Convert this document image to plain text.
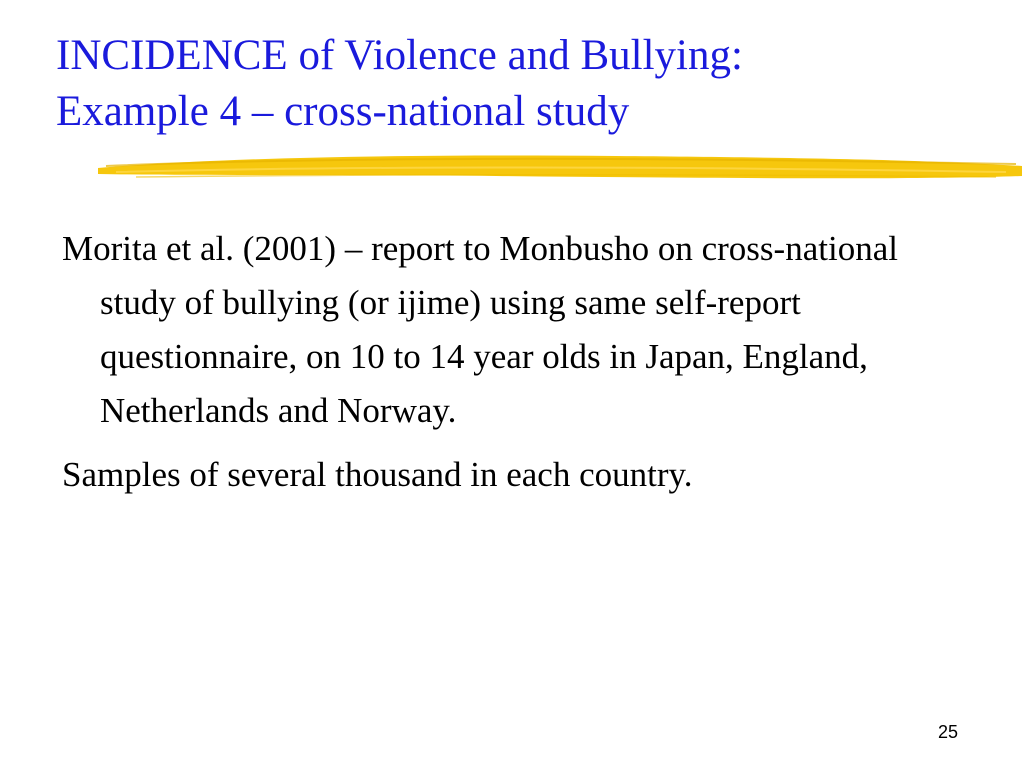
INCIDENCE of Violence and Bullying:
Example 4 – cross-national study

Morita et al. (2001) – report to Monbusho on cross-national study of bullying (or ijime) using same self-report questionnaire, on 10 to 14 year olds in Japan, England, Netherlands and Norway.

Samples of several thousand in each country.

25
